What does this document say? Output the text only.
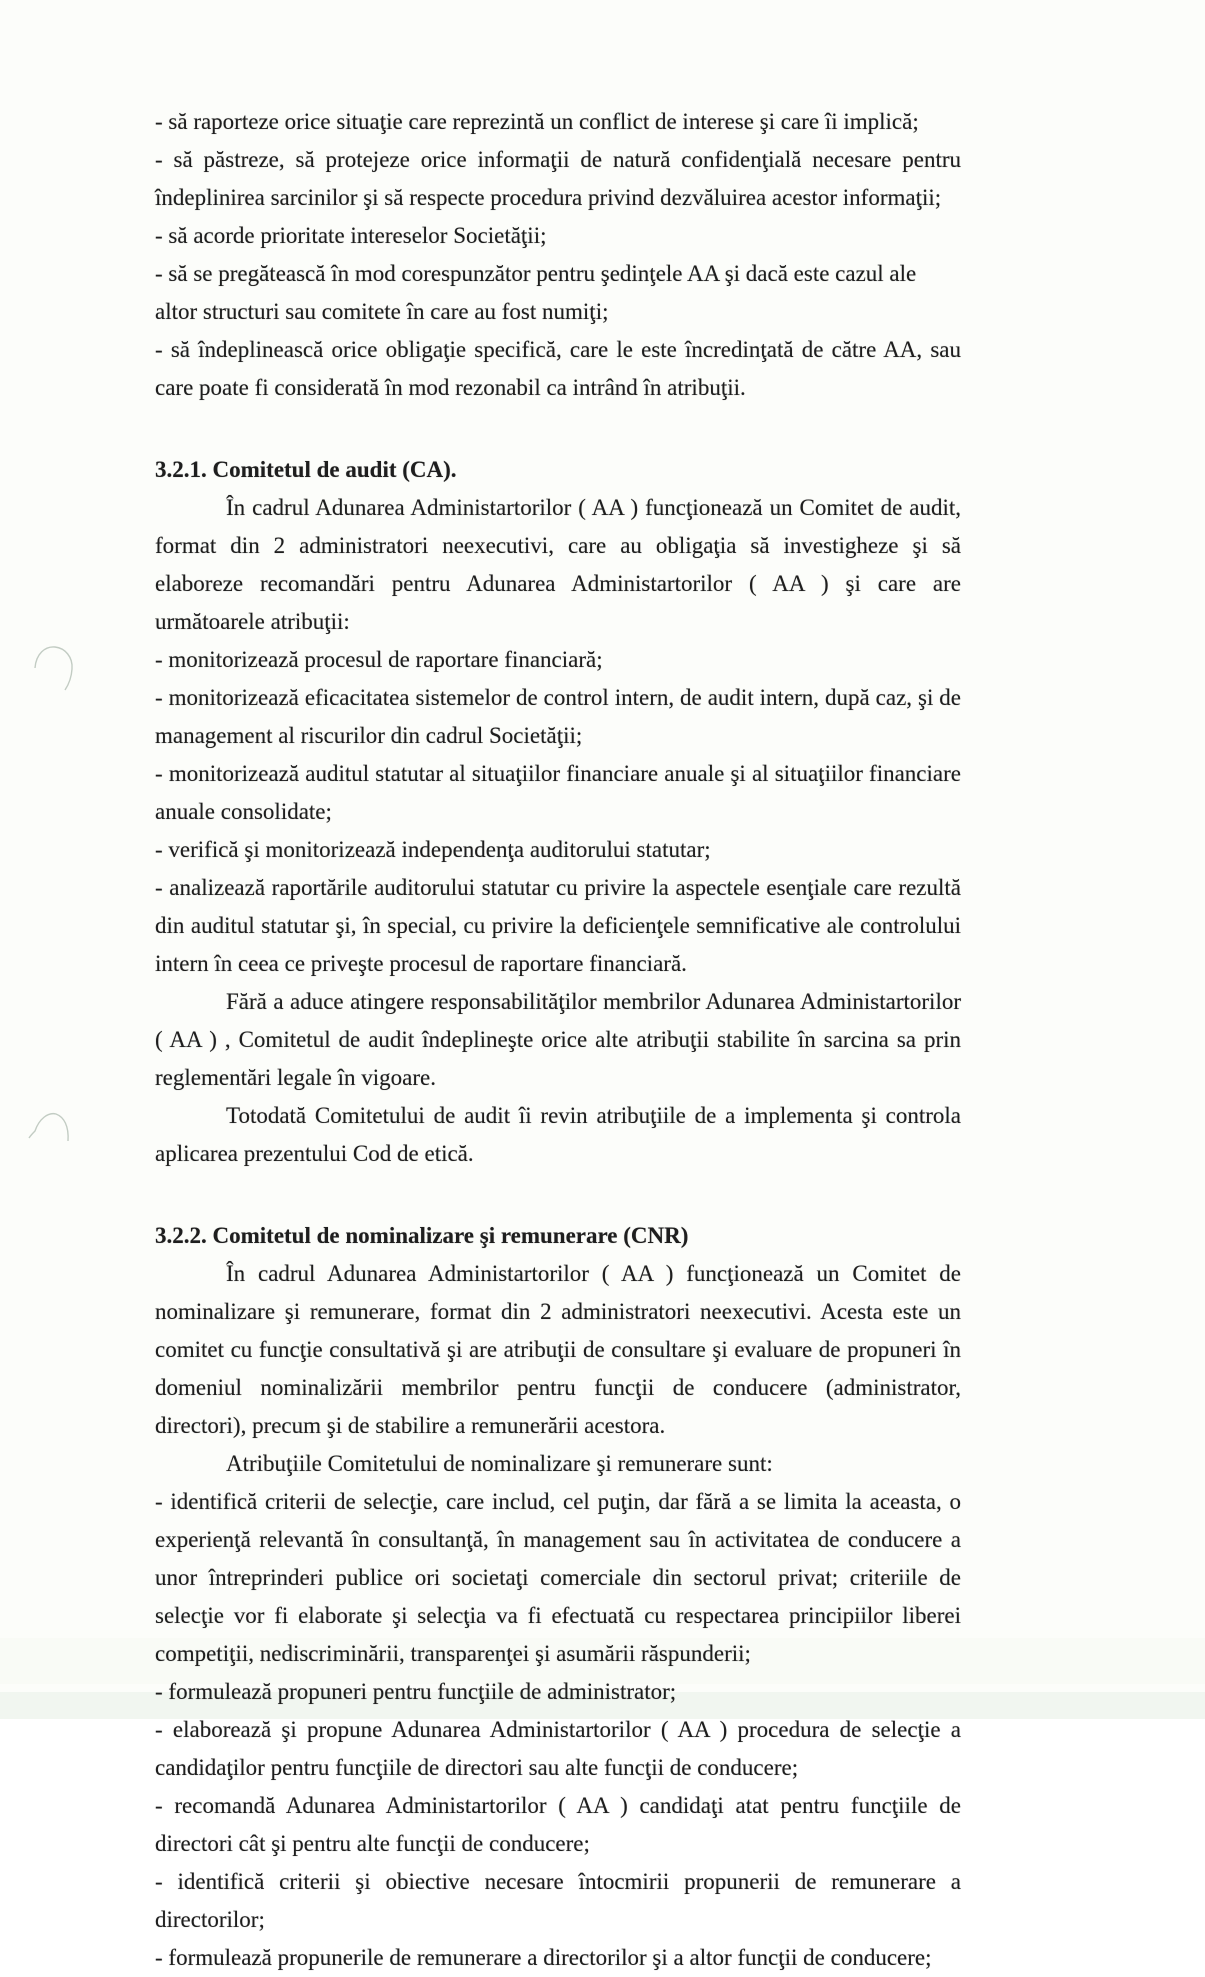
- să raporteze orice situaţie care reprezintă un conflict de interese şi care îi implică;

- să păstreze, să protejeze orice informaţii de natură confidenţială necesare pentru îndeplinirea sarcinilor şi să respecte procedura privind dezvăluirea acestor informaţii;

- să acorde prioritate intereselor Societăţii;

- să se pregătească în mod corespunzător pentru şedinţele AA şi dacă este cazul ale altor structuri sau comitete în care au fost numiţi;

- să îndeplinească orice obligaţie specifică, care le este încredinţată de către AA, sau care poate fi considerată în mod rezonabil ca intrând în atribuţii.

3.2.1. Comitetul de audit (CA).

În cadrul Adunarea Administartorilor ( AA ) funcţionează un Comitet de audit, format din 2 administratori neexecutivi, care au obligaţia să investigheze şi să elaboreze recomandări pentru Adunarea Administartorilor ( AA ) şi care are următoarele atribuţii:

- monitorizează procesul de raportare financiară;

- monitorizează eficacitatea sistemelor de control intern, de audit intern, după caz, şi de management al riscurilor din cadrul Societăţii;

- monitorizează auditul statutar al situaţiilor financiare anuale şi al situaţiilor financiare anuale consolidate;

- verifică şi monitorizează independenţa auditorului statutar;

- analizează raportările auditorului statutar cu privire la aspectele esenţiale care rezultă din auditul statutar şi, în special, cu privire la deficienţele semnificative ale controlului intern în ceea ce priveşte procesul de raportare financiară.

Fără a aduce atingere responsabilităţilor membrilor Adunarea Administartorilor ( AA ) , Comitetul de audit îndeplineşte orice alte atribuţii stabilite în sarcina sa prin reglementări legale în vigoare.

Totodată Comitetului de audit îi revin atribuţiile de a implementa şi controla aplicarea prezentului Cod de etică.

3.2.2. Comitetul de nominalizare şi remunerare (CNR)

În cadrul Adunarea Administartorilor ( AA ) funcţionează un Comitet de nominalizare şi remunerare, format din 2 administratori neexecutivi. Acesta este un comitet cu funcţie consultativă şi are atribuţii de consultare şi evaluare de propuneri în domeniul nominalizării membrilor pentru funcţii de conducere (administrator, directori), precum şi de stabilire a remunerării acestora.

Atribuţiile Comitetului de nominalizare şi remunerare sunt:

- identifică criterii de selecţie, care includ, cel puţin, dar fără a se limita la aceasta, o experienţă relevantă în consultanţă, în management sau în activitatea de conducere a unor întreprinderi publice ori societaţi comerciale din sectorul privat; criteriile de selecţie vor fi elaborate şi selecţia va fi efectuată cu respectarea principiilor liberei competiţii, nediscriminării, transparenţei şi asumării răspunderii;

- formulează propuneri pentru funcţiile de administrator;

- elaborează şi propune Adunarea Administartorilor ( AA ) procedura de selecţie a candidaţilor pentru funcţiile de directori sau alte funcţii de conducere;

- recomandă Adunarea Administartorilor ( AA ) candidaţi atat pentru funcţiile de directori cât şi pentru alte funcţii de conducere;

- identifică criterii şi obiective necesare întocmirii propunerii de remunerare a directorilor;

- formulează propunerile de remunerare a directorilor şi a altor funcţii de conducere;
